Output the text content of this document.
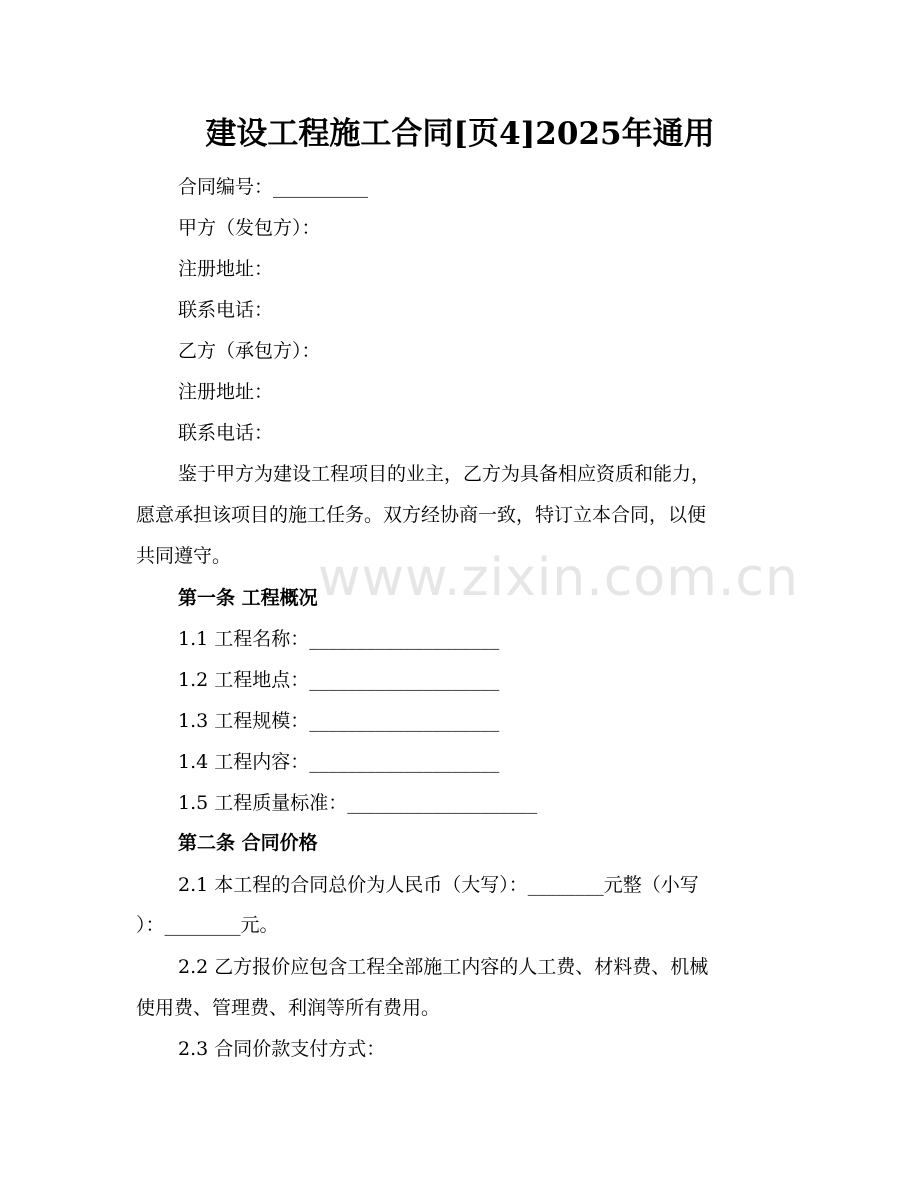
www.zixin.com.cn
建设工程施工合同[页4]2025年通用
合同编号：__________
甲方（发包方）：
注册地址：
联系电话：
乙方（承包方）：
注册地址：
联系电话：
鉴于甲方为建设工程项目的业主，乙方为具备相应资质和能力，
愿意承担该项目的施工任务。双方经协商一致，特订立本合同，以便
共同遵守。
第一条 工程概况
1.1 工程名称：____________________
1.2 工程地点：____________________
1.3 工程规模：____________________
1.4 工程内容：____________________
1.5 工程质量标准：____________________
第二条 合同价格
2.1 本工程的合同总价为人民币（大写）：________元整（小写
）：________元。
2.2 乙方报价应包含工程全部施工内容的人工费、材料费、机械
使用费、管理费、利润等所有费用。
2.3 合同价款支付方式：
